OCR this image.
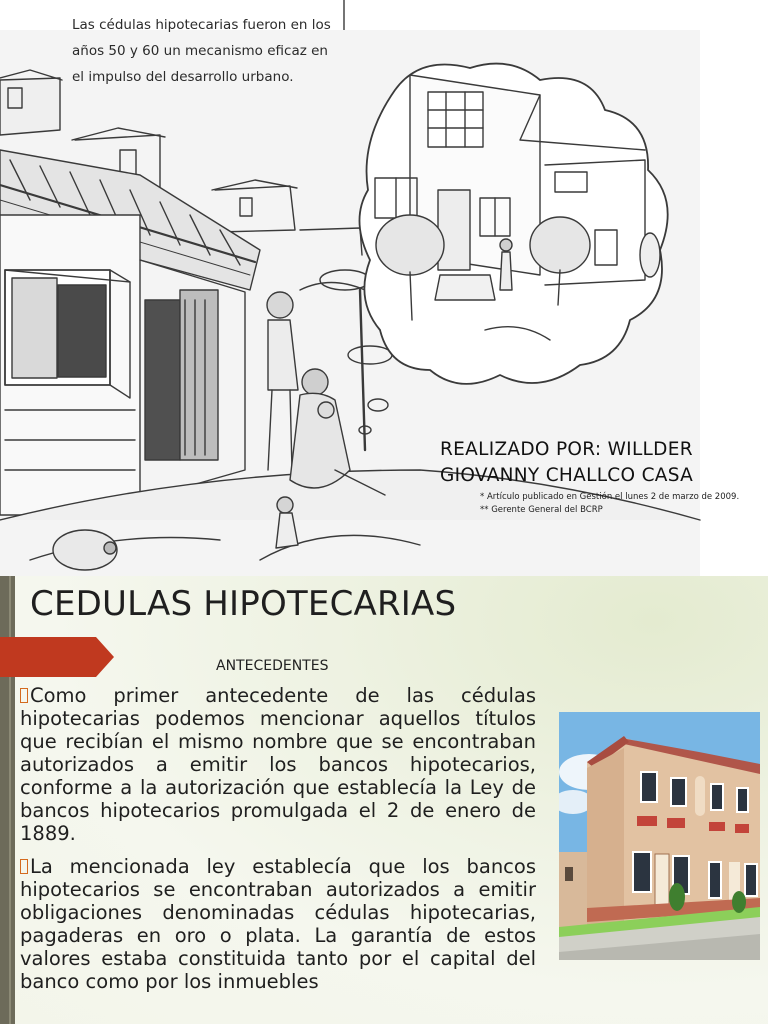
Las cédulas hipotecarias fueron en los años 50 y 60 un mecanismo eficaz en el impulso del desarrollo urbano.
REALIZADO POR: WILLDER GIOVANNY CHALLCO CASA
* Artículo publicado en Gestión el lunes 2 de marzo de 2009.
** Gerente General del BCRP
CEDULAS HIPOTECARIAS
ANTECEDENTES

Como primer antecedente de las cédulas hipotecarias podemos mencionar aquellos títulos que recibían el mismo nombre que se encontraban autorizados a emitir los bancos hipotecarios, conforme a la autorización que establecía la Ley de bancos hipotecarios promulgada el 2 de enero de 1889.

La mencionada ley establecía que los bancos hipotecarios se encontraban autorizados a emitir obligaciones denominadas cédulas hipotecarias, pagaderas en oro o plata. La garantía de estos valores estaba constituida tanto por el capital del banco como por los inmuebles
